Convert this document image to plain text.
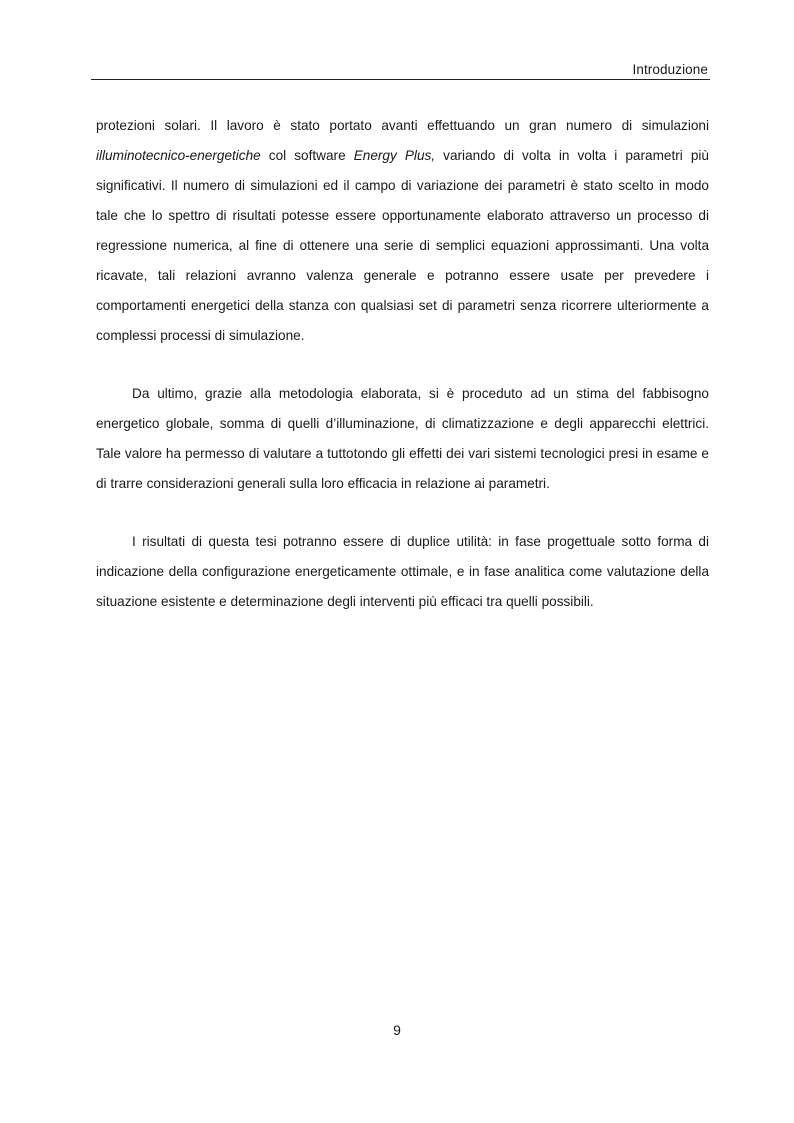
Introduzione

protezioni solari. Il lavoro è stato portato avanti effettuando un gran numero di simulazioni illuminotecnico-energetiche col software Energy Plus, variando di volta in volta i parametri più significativi. Il numero di simulazioni ed il campo di variazione dei parametri è stato scelto in modo tale che lo spettro di risultati potesse essere opportunamente elaborato attraverso un processo di regressione numerica, al fine di ottenere una serie di semplici equazioni approssimanti. Una volta ricavate, tali relazioni avranno valenza generale e potranno essere usate per prevedere i comportamenti energetici della stanza con qualsiasi set di parametri senza ricorrere ulteriormente a complessi processi di simulazione.

Da ultimo, grazie alla metodologia elaborata, si è proceduto ad un stima del fabbisogno energetico globale, somma di quelli d’illuminazione, di climatizzazione e degli apparecchi elettrici. Tale valore ha permesso di valutare a tuttotondo gli effetti dei vari sistemi tecnologici presi in esame e di trarre considerazioni generali sulla loro efficacia in relazione ai parametri.

I risultati di questa tesi potranno essere di duplice utilità: in fase progettuale sotto forma di indicazione della configurazione energeticamente ottimale, e in fase analitica come valutazione della situazione esistente e determinazione degli interventi più efficaci tra quelli possibili.

9
